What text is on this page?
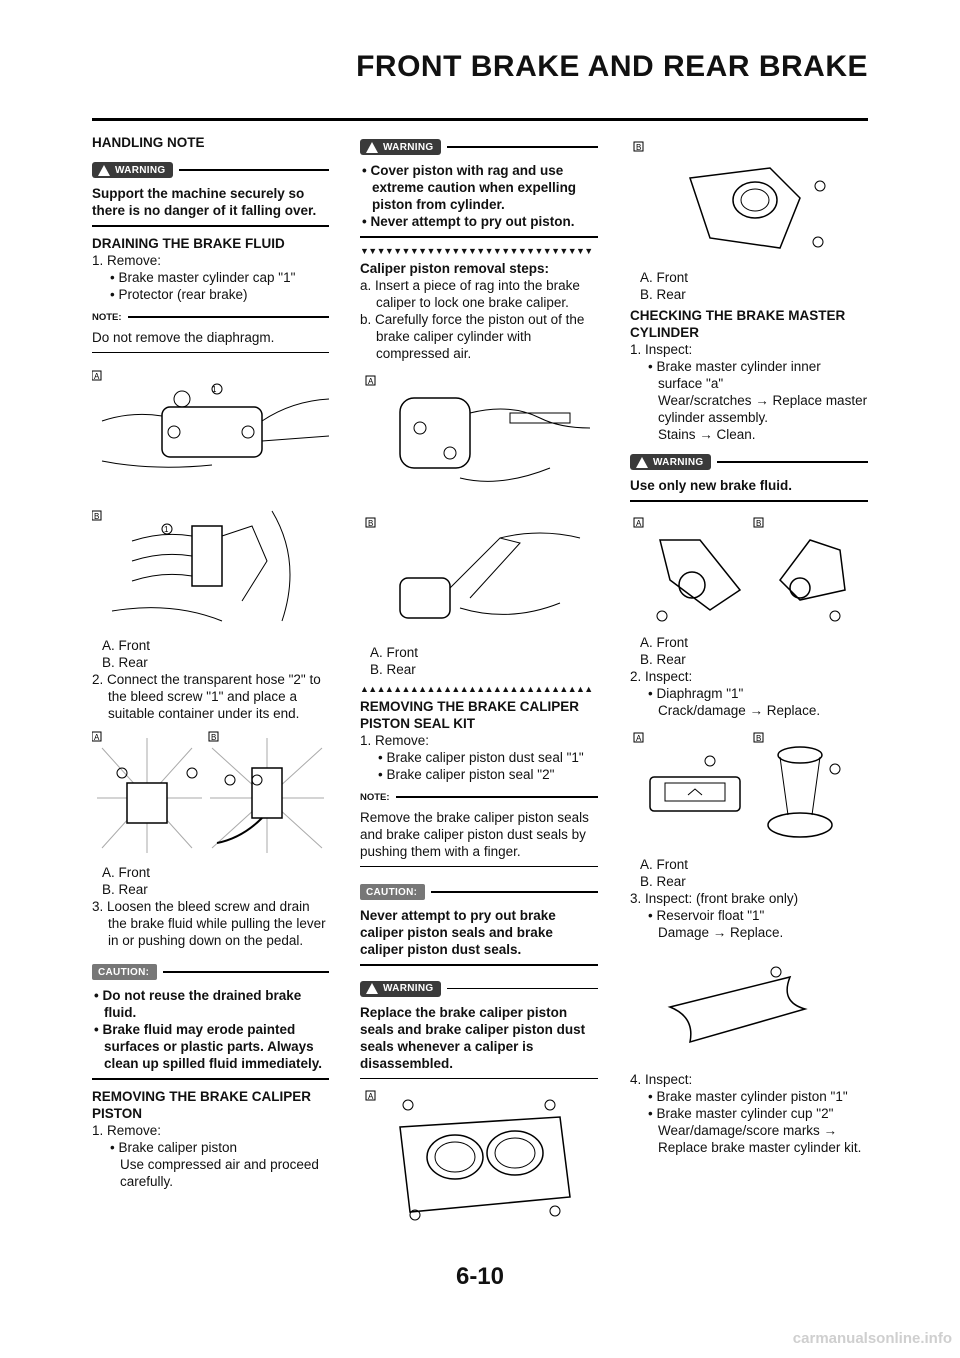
FRONT BRAKE AND REAR BRAKE
HANDLING NOTE
WARNING
Support the machine securely so there is no danger of it falling over.
DRAINING THE BRAKE FLUID
1. Remove:
• Brake master cylinder cap "1"
• Protector (rear brake)
NOTE:
Do not remove the diaphragm.
A
1
B
1
A. Front
B. Rear
2. Connect the transparent hose "2" to the bleed screw "1" and place a suitable container under its end.
A	B
A. Front
B. Rear
3. Loosen the bleed screw and drain the brake fluid while pulling the lever in or pushing down on the pedal.
CAUTION:
• Do not reuse the drained brake fluid.
• Brake fluid may erode painted surfaces or plastic parts. Always clean up spilled fluid immediately.
REMOVING THE BRAKE CALIPER PISTON
1. Remove:
• Brake caliper piston
Use compressed air and proceed carefully.
WARNING
• Cover piston with rag and use extreme caution when expelling piston from cylinder.
• Never attempt to pry out piston.
▼▼▼▼▼▼▼▼▼▼▼▼▼▼▼▼▼▼▼▼▼▼▼▼▼▼▼▼
Caliper piston removal steps:
a. Insert a piece of rag into the brake caliper to lock one brake caliper.
b. Carefully force the piston out of the brake caliper cylinder with compressed air.
A
B
A. Front
B. Rear
▲▲▲▲▲▲▲▲▲▲▲▲▲▲▲▲▲▲▲▲▲▲▲▲▲▲▲▲
REMOVING THE BRAKE CALIPER PISTON SEAL KIT
1. Remove:
• Brake caliper piston dust seal "1"
• Brake caliper piston seal "2"
NOTE:
Remove the brake caliper piston seals and brake caliper piston dust seals by pushing them with a finger.
CAUTION:
Never attempt to pry out brake caliper piston seals and brake caliper piston dust seals.
WARNING
Replace the brake caliper piston seals and brake caliper piston dust seals whenever a caliper is disassembled.
A
B
A. Front
B. Rear
CHECKING THE BRAKE MASTER CYLINDER
1. Inspect:
• Brake master cylinder inner surface "a"
Wear/scratches → Replace master cylinder assembly.
Stains → Clean.
WARNING
Use only new brake fluid.
A	B
A. Front
B. Rear
2. Inspect:
• Diaphragm "1"
Crack/damage → Replace.
A	B
A. Front
B. Rear
3. Inspect: (front brake only)
• Reservoir float "1"
Damage → Replace.
4. Inspect:
• Brake master cylinder piston "1"
• Brake master cylinder cup "2"
Wear/damage/score marks → Replace brake master cylinder kit.
6-10
carmanualsonline.info
